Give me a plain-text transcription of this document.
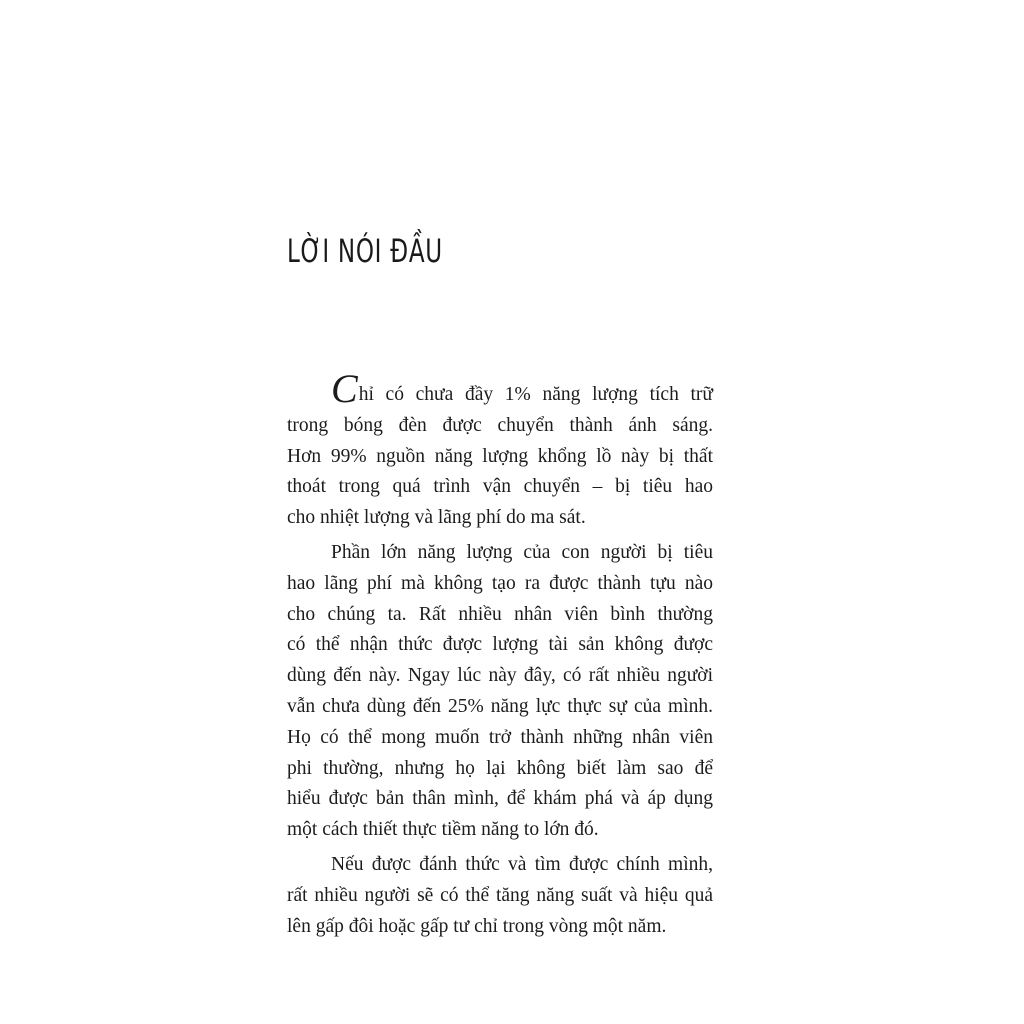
LỜI NÓI ĐẦU

Chỉ có chưa đầy 1% năng lượng tích trữ
trong bóng đèn được chuyển thành ánh sáng.
Hơn 99% nguồn năng lượng khổng lồ này bị thất
thoát trong quá trình vận chuyển – bị tiêu hao
cho nhiệt lượng và lãng phí do ma sát.

Phần lớn năng lượng của con người bị tiêu
hao lãng phí mà không tạo ra được thành tựu nào
cho chúng ta. Rất nhiều nhân viên bình thường
có thể nhận thức được lượng tài sản không được
dùng đến này. Ngay lúc này đây, có rất nhiều người
vẫn chưa dùng đến 25% năng lực thực sự của mình.
Họ có thể mong muốn trở thành những nhân viên
phi thường, nhưng họ lại không biết làm sao để
hiểu được bản thân mình, để khám phá và áp dụng
một cách thiết thực tiềm năng to lớn đó.

Nếu được đánh thức và tìm được chính mình,
rất nhiều người sẽ có thể tăng năng suất và hiệu quả
lên gấp đôi hoặc gấp tư chỉ trong vòng một năm.
